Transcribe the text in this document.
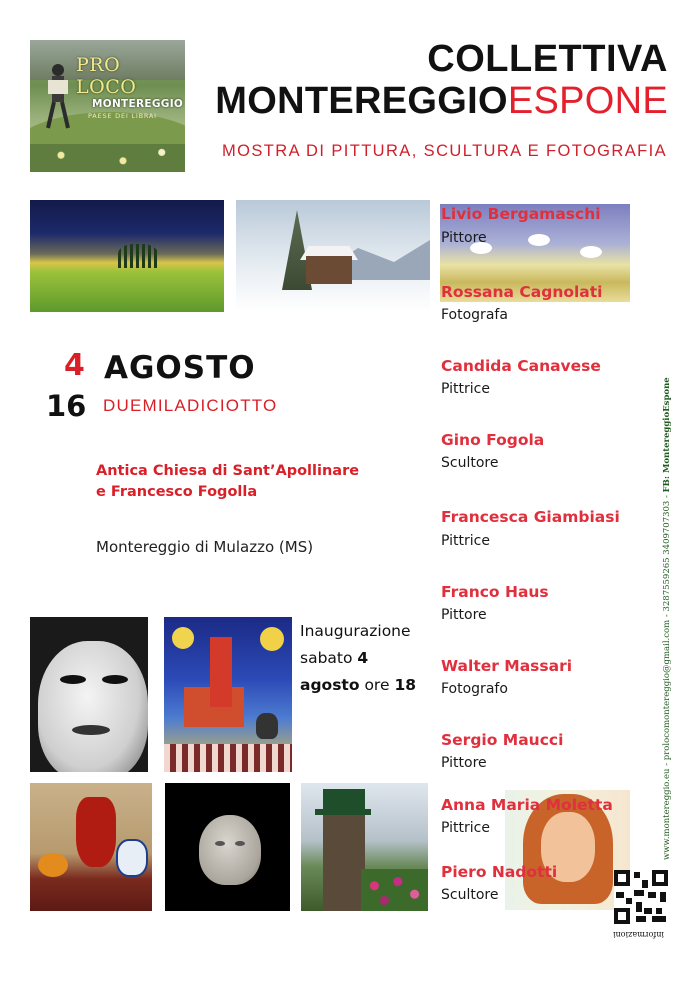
PRO LOCO
MONTEREGGIO
PAESE DEI LIBRAI
COLLETTIVA
MONTEREGGIOESPONE
MOSTRA DI PITTURA, SCULTURA E FOTOGRAFIA
4 AGOSTO
16 DUEMILADICIOTTO
Antica Chiesa di Sant’Apollinare
e Francesco Fogolla
Montereggio di Mulazzo (MS)
Inaugurazione
sabato 4
agosto ore 18
Livio Bergamaschi
Pittore
Rossana Cagnolati
Fotografa
Candida Canavese
Pittrice
Gino Fogola
Scultore
Francesca Giambiasi
Pittrice
Franco Haus
Pittore
Walter Massari
Fotografo
Sergio Maucci
Pittore
Anna Maria Moletta
Pittrice
Piero Nadotti
Scultore
www.montereggio.eu - prolocomontereggio@gmail.com - 3287559265 3409707303 - FB: MontereggioEspone
informazioni
